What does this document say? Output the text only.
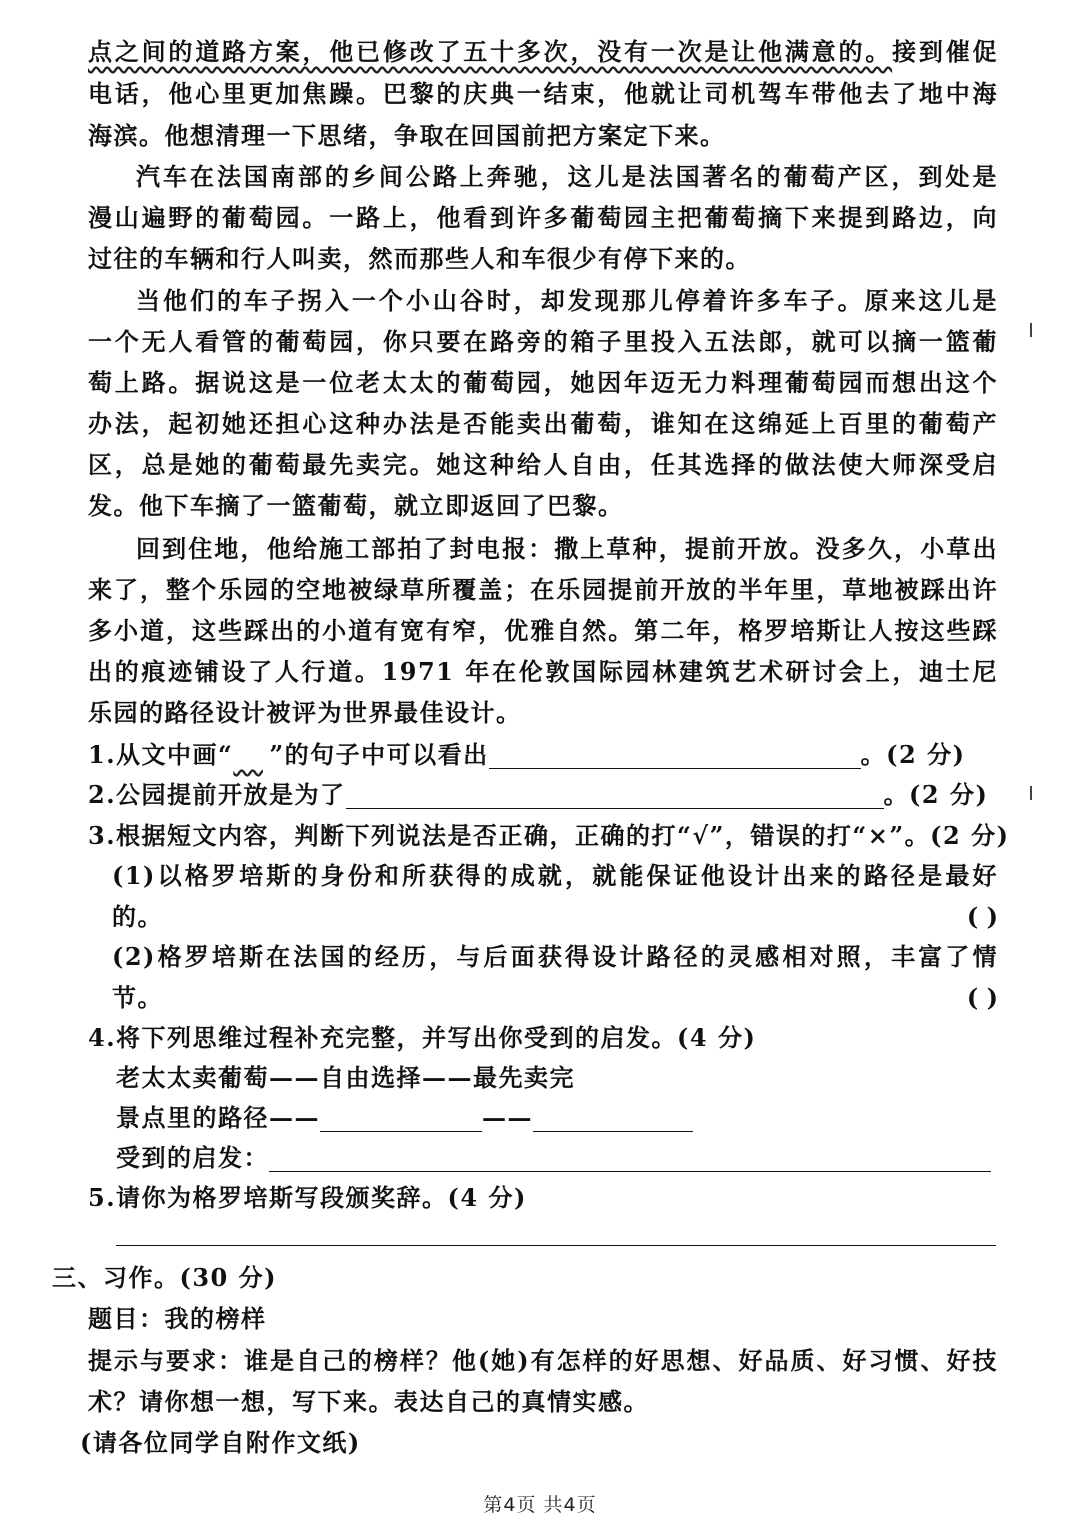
点之间的道路方案，他已修改了五十多次，没有一次是让他满意的。接到催促
电话，他心里更加焦躁。巴黎的庆典一结束，他就让司机驾车带他去了地中海
海滨。他想清理一下思绪，争取在回国前把方案定下来。
汽车在法国南部的乡间公路上奔驰，这儿是法国著名的葡萄产区，到处是
漫山遍野的葡萄园。一路上，他看到许多葡萄园主把葡萄摘下来提到路边，向
过往的车辆和行人叫卖，然而那些人和车很少有停下来的。
当他们的车子拐入一个小山谷时，却发现那儿停着许多车子。原来这儿是
一个无人看管的葡萄园，你只要在路旁的箱子里投入五法郎，就可以摘一篮葡
萄上路。据说这是一位老太太的葡萄园，她因年迈无力料理葡萄园而想出这个
办法，起初她还担心这种办法是否能卖出葡萄，谁知在这绵延上百里的葡萄产
区，总是她的葡萄最先卖完。她这种给人自由，任其选择的做法使大师深受启
发。他下车摘了一篮葡萄，就立即返回了巴黎。
回到住地，他给施工部拍了封电报：撒上草种，提前开放。没多久，小草出
来了，整个乐园的空地被绿草所覆盖；在乐园提前开放的半年里，草地被踩出许
多小道，这些踩出的小道有宽有窄，优雅自然。第二年，格罗培斯让人按这些踩
出的痕迹铺设了人行道。1971 年在伦敦国际园林建筑艺术研讨会上，迪士尼
乐园的路径设计被评为世界最佳设计。
1.从文中画“ ”的句子中可以看出	。(2 分)
2.公园提前开放是为了	。(2 分)
3.根据短文内容，判断下列说法是否正确，正确的打“√”，错误的打“×”。(2 分)
(1)以格罗培斯的身份和所获得的成就，就能保证他设计出来的路径是最好
的。	( )
(2)格罗培斯在法国的经历，与后面获得设计路径的灵感相对照，丰富了情
节。	( )
4.将下列思维过程补充完整，并写出你受到的启发。(4 分)
老太太卖葡萄——自由选择——最先卖完
景点里的路径——	——
受到的启发：
5.请你为格罗培斯写段颁奖辞。(4 分)
三、习作。(30 分)
题目：我的榜样
提示与要求：谁是自己的榜样？他(她)有怎样的好思想、好品质、好习惯、好技
术？请你想一想，写下来。表达自己的真情实感。
(请各位同学自附作文纸)
第4页 共4页
